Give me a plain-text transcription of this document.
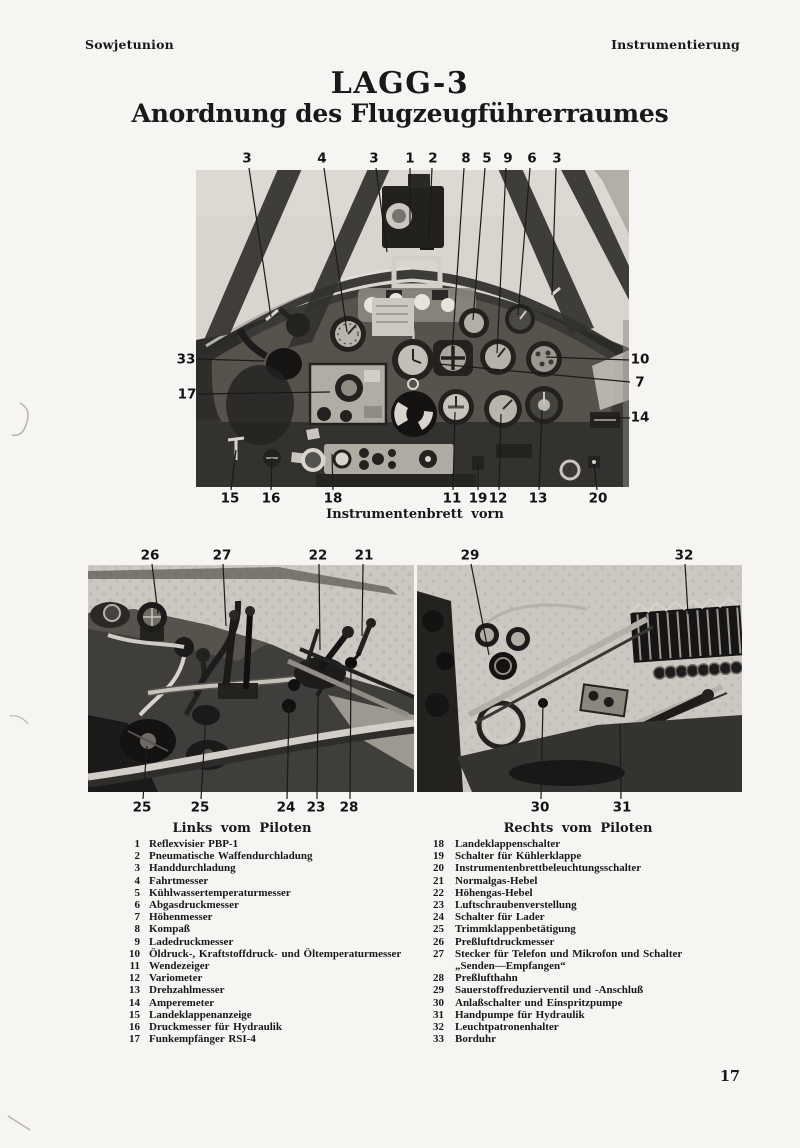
Sowjetunion	Instrumentierung
LAGG-3
Anordnung des Flugzeugführerraumes
3	4	3 1 2 8 5 9 6 3
33
17
10
7
14
15 16	18	11 19 12 13	20
26	27	22 21	29	32
25	25	24 23 28	30	31
Instrumentenbrett vorn
Links vom Piloten	Rechts vom Piloten
1 Reflexvisier PBP-1
2 Pneumatische Waffendurchladung
3 Handdurchladung
4 Fahrtmesser
5 Kühlwassertemperaturmesser
6 Abgasdruckmesser
7 Höhenmesser
8 Kompaß
9 Ladedruckmesser
10 Öldruck-, Kraftstoffdruck- und Öltemperaturmesser
11 Wendezeiger
12 Variometer
13 Drehzahlmesser
14 Amperemeter
15 Landeklappenanzeige
16 Druckmesser für Hydraulik
17 Funkempfänger RSI-4
18 Landeklappenschalter
19 Schalter für Kühlerklappe
20 Instrumentenbrettbeleuchtungsschalter
21 Normalgas-Hebel
22 Höhengas-Hebel
23 Luftschraubenverstellung
24 Schalter für Lader
25 Trimmklappenbetätigung
26 Preßluftdruckmesser
27 Stecker für Telefon und Mikrofon und Schalter
„Senden—Empfangen“
28 Preßlufthahn
29 Sauerstoffreduzierventil und -Anschluß
30 Anlaßschalter und Einspritzpumpe
31 Handpumpe für Hydraulik
32 Leuchtpatronenhalter
33 Borduhr
17
